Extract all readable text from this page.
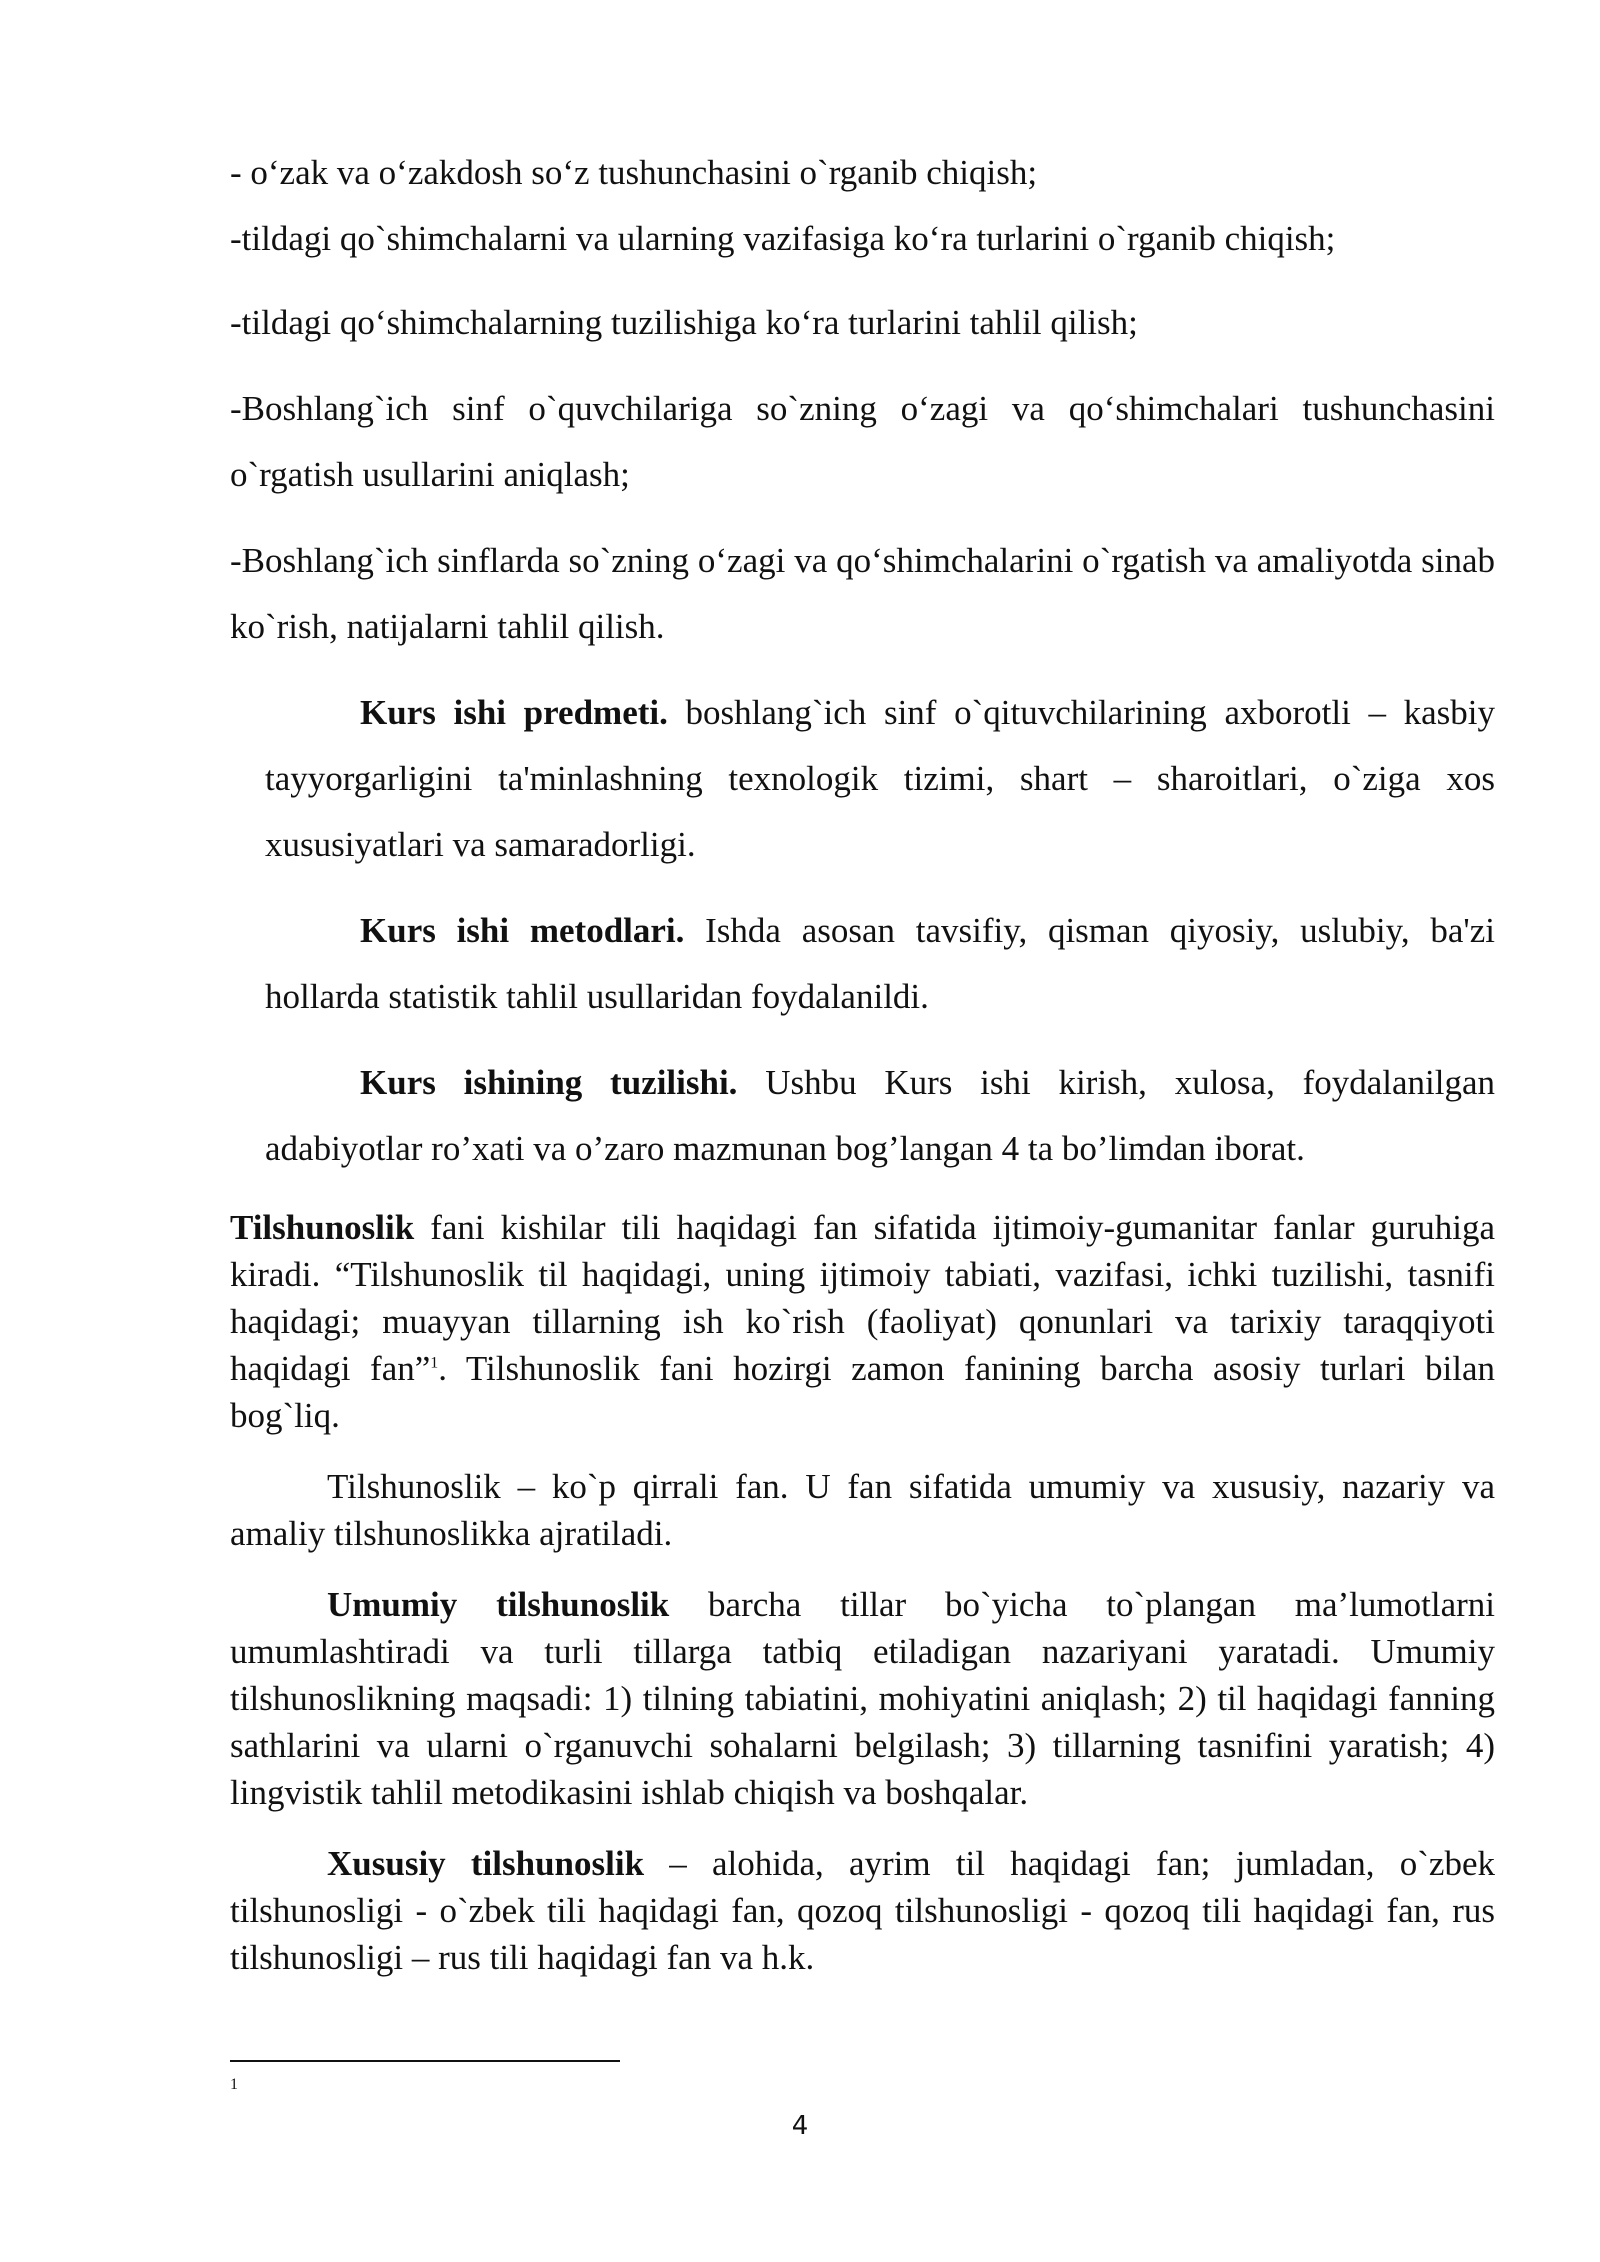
- o‘zak va o‘zakdosh so‘z tushunchasini o`rganib chiqish;

-tildagi qo`shimchalarni va ularning vazifasiga ko‘ra turlarini o`rganib chiqish;

-tildagi qo‘shimchalarning tuzilishiga ko‘ra turlarini tahlil qilish;

-Boshlang`ich sinf o`quvchilariga so`zning o‘zagi va qo‘shimchalari tushunchasini o`rgatish usullarini aniqlash;

-Boshlang`ich sinflarda so`zning o‘zagi va qo‘shimchalarini o`rgatish va amaliyotda sinab ko`rish, natijalarni tahlil qilish.

Kurs ishi predmeti. boshlang`ich sinf o`qituvchilarining axborotli – kasbiy tayyorgarligini ta'minlashning texnologik tizimi, shart – sharoitlari, o`ziga xos xususiyatlari va samaradorligi.

Kurs ishi metodlari. Ishda asosan tavsifiy, qisman qiyosiy, uslubiy, ba'zi hollarda statistik tahlil usullaridan foydalanildi.

Kurs ishining tuzilishi. Ushbu Kurs ishi kirish, xulosa, foydalanilgan adabiyotlar ro’xati va o’zaro mazmunan bog’langan 4 ta bo’limdan iborat.

Tilshunoslik fani kishilar tili haqidagi fan sifatida ijtimoiy-gumanitar fanlar guruhiga kiradi. “Tilshunoslik til haqidagi, uning ijtimoiy tabiati, vazifasi, ichki tuzilishi, tasnifi haqidagi; muayyan tillarning ish ko`rish (faoliyat) qonunlari va tarixiy taraqqiyoti haqidagi fan”$^1$. Tilshunoslik fani hozirgi zamon fanining barcha asosiy turlari bilan bog`liq.

Tilshunoslik – ko`p qirrali fan. U fan sifatida umumiy va xususiy, nazariy va amaliy tilshunoslikka ajratiladi.

Umumiy tilshunoslik barcha tillar bo`yicha to`plangan ma’lumotlarni umumlashtiradi va turli tillarga tatbiq etiladigan nazariyani yaratadi. Umumiy tilshunoslikning maqsadi: 1) tilning tabiatini, mohiyatini aniqlash; 2) til haqidagi fanning sathlarini va ularni o`rganuvchi sohalarni belgilash; 3) tillarning tasnifini yaratish; 4) lingvistik tahlil metodikasini ishlab chiqish va boshqalar.

Xususiy tilshunoslik – alohida, ayrim til haqidagi fan; jumladan, o`zbek tilshunosligi - o`zbek tili haqidagi fan, qozoq tilshunosligi - qozoq tili haqidagi fan, rus tilshunosligi – rus tili haqidagi fan va h.k.

1
4
